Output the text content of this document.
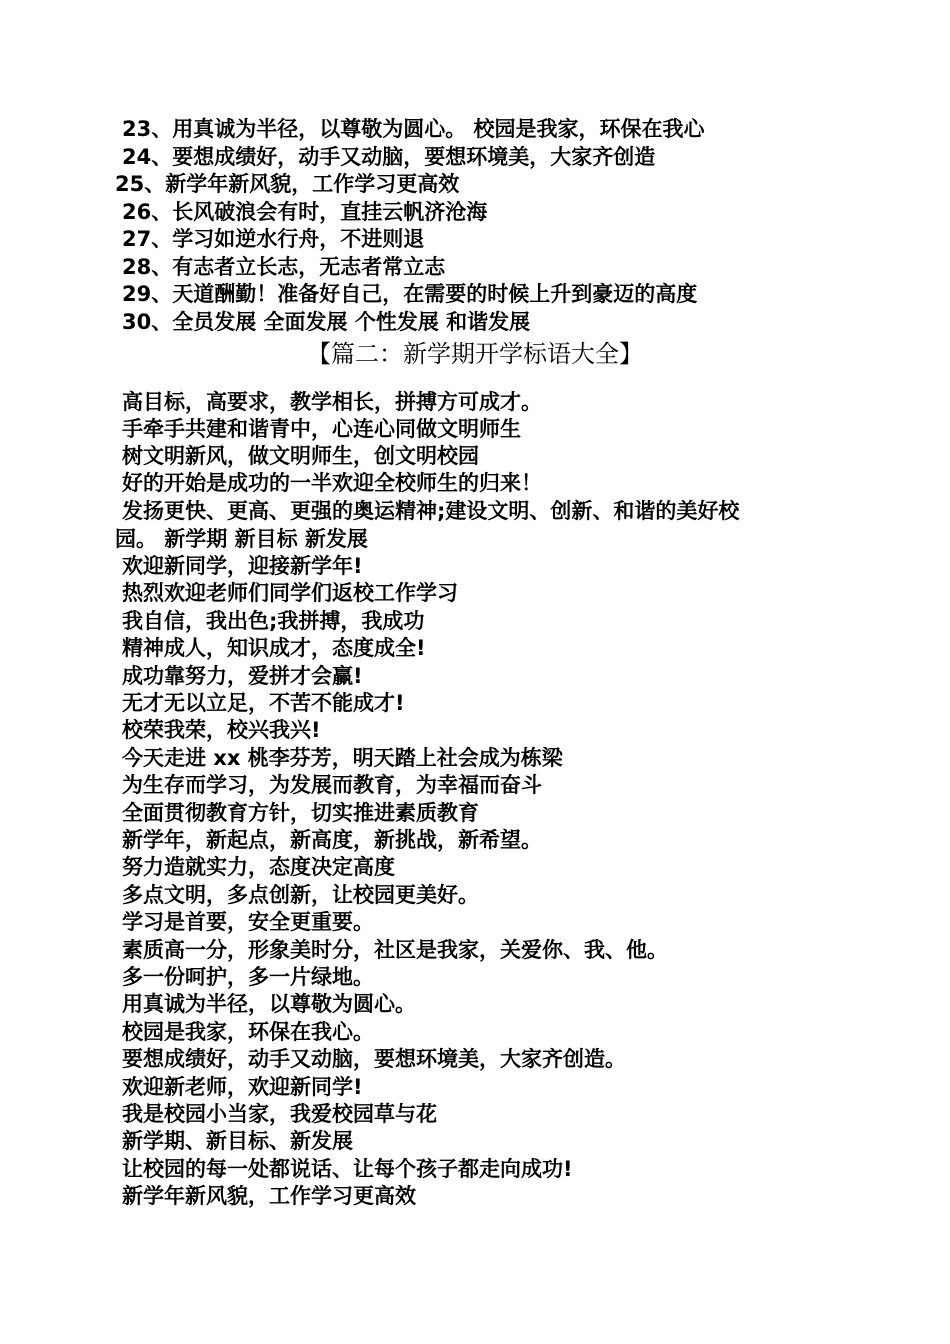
23、用真诚为半径，以尊敬为圆心。 校园是我家，环保在我心
24、要想成绩好，动手又动脑，要想环境美，大家齐创造
25、新学年新风貌，工作学习更高效
26、长风破浪会有时，直挂云帆济沧海
27、学习如逆水行舟，不进则退
28、有志者立长志，无志者常立志
29、天道酬勤！准备好自己，在需要的时候上升到豪迈的高度
30、全员发展 全面发展 个性发展 和谐发展
【篇二：新学期开学标语大全】
高目标，高要求，教学相长，拼搏方可成才。
手牵手共建和谐青中，心连心同做文明师生
树文明新风，做文明师生，创文明校园
好的开始是成功的一半欢迎全校师生的归来！
发扬更快、更高、更强的奥运精神;建设文明、创新、和谐的美好校
园。 新学期 新目标 新发展
欢迎新同学，迎接新学年!
热烈欢迎老师们同学们返校工作学习
我自信，我出色;我拼搏，我成功
精神成人，知识成才，态度成全!
成功靠努力，爱拼才会赢!
无才无以立足，不苦不能成才!
校荣我荣，校兴我兴!
今天走进 xx 桃李芬芳，明天踏上社会成为栋梁
为生存而学习，为发展而教育，为幸福而奋斗
全面贯彻教育方针，切实推进素质教育
新学年，新起点，新高度，新挑战，新希望。
努力造就实力，态度决定高度
多点文明，多点创新，让校园更美好。
学习是首要，安全更重要。
素质高一分，形象美时分，社区是我家，关爱你、我、他。
多一份呵护，多一片绿地。
用真诚为半径，以尊敬为圆心。
校园是我家，环保在我心。
要想成绩好，动手又动脑，要想环境美，大家齐创造。
欢迎新老师，欢迎新同学!
我是校园小当家，我爱校园草与花
新学期、新目标、新发展
让校园的每一处都说话、让每个孩子都走向成功!
新学年新风貌，工作学习更高效
